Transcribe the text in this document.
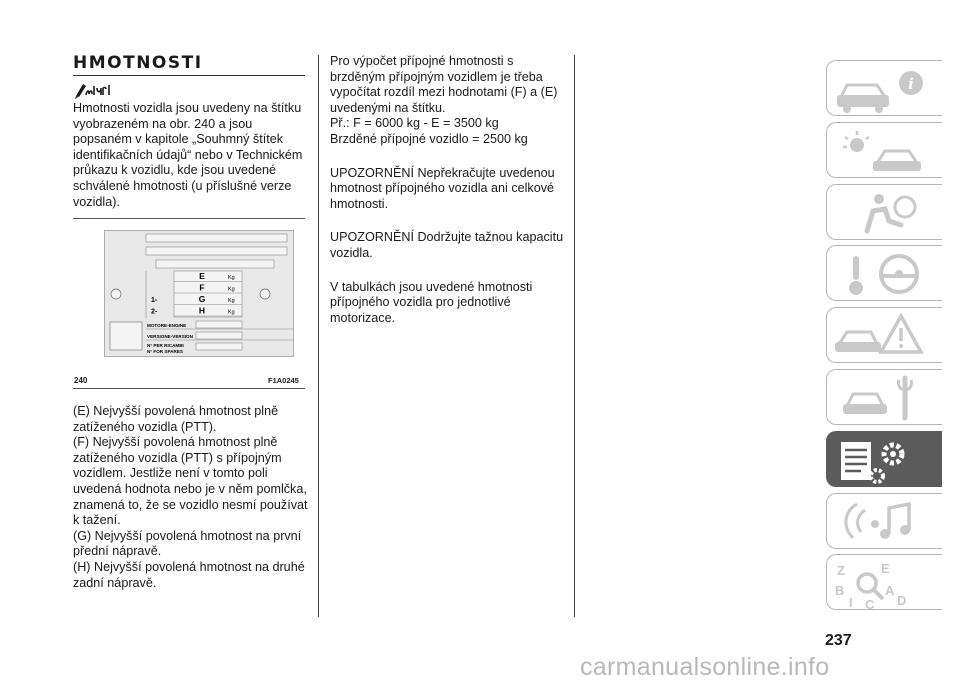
HMOTNOSTI

Hmotnosti vozidla jsou uvedeny na štítku vyobrazeném na obr. 240 a jsou popsaném v kapitole „Souhmný štítek identifikačních údajů“ nebo v Technickém průkazu k vozidlu, kde jsou uvedené schválené hmotnosti (u příslušné verze vozidla).

MOTORE-ENGINE
VERSIONE-VERSION
N° PER RICAMBI
N° FOR SPARES
E	Kg
F	Kg
1-	G	Kg
2-	H	Kg
240	F1A0245

(E) Nejvyšší povolená hmotnost plně zatíženého vozidla (PTT).

(F) Nejvyšší povolená hmotnost plně zatíženého vozidla (PTT) s přípojným vozidlem. Jestliže není v tomto poli uvedená hodnota nebo je v něm pomlčka, znamená to, že se vozidlo nesmí používat k tažení.

(G) Nejvyšší povolená hmotnost na první přední nápravě.

(H) Nejvyšší povolená hmotnost na druhé zadní nápravě.

Pro výpočet přípojné hmotnosti s brzděným přípojným vozidlem je třeba vypočítat rozdíl mezi hodnotami (F) a (E) uvedenými na štítku.

Př.: F = 6000 kg - E = 3500 kg

Brzděné přípojné vozidlo = 2500 kg

UPOZORNĚNÍ Nepřekračujte uvedenou hmotnost přípojného vozidla ani celkové hmotnosti.

UPOZORNĚNÍ Dodržujte tažnou kapacitu vozidla.

V tabulkách jsou uvedené hmotnosti přípojného vozidla pro jednotlivé motorizace.

i
Z	E
B
I C
A
D
237
carmanualsonline.info
